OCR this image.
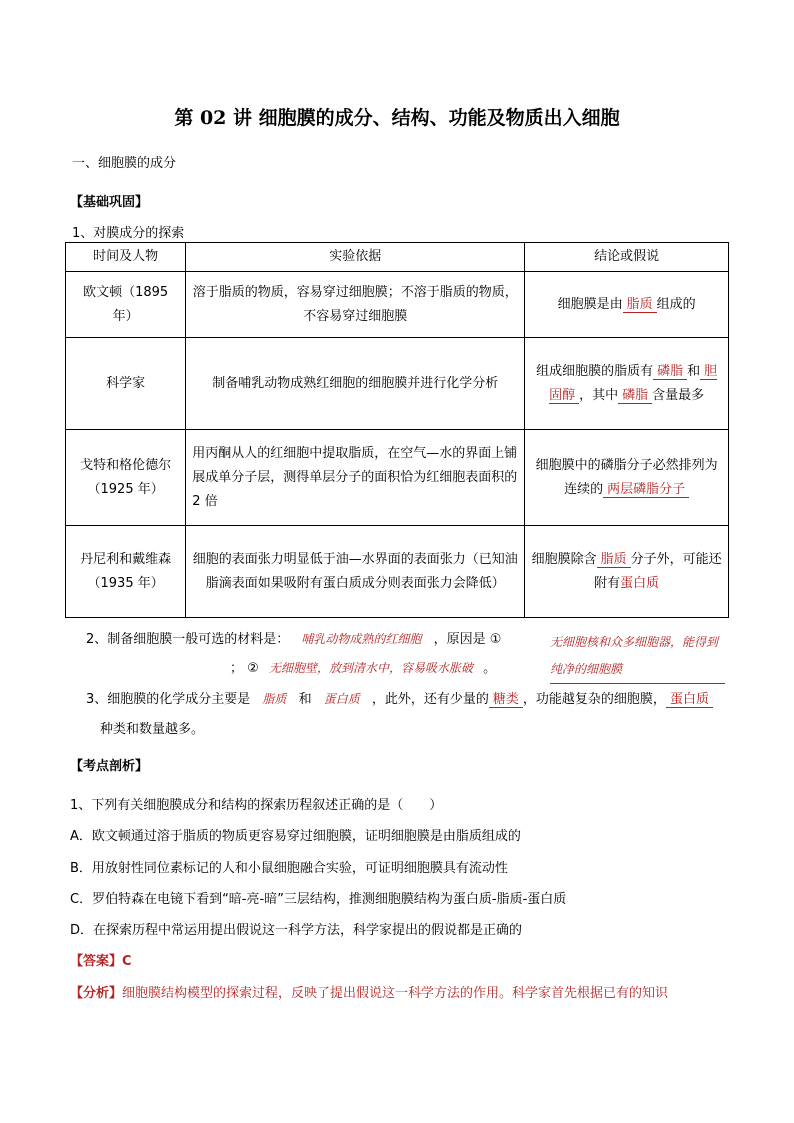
第 02 讲 细胞膜的成分、结构、功能及物质出入细胞
一、细胞膜的成分
【基础巩固】
1、对膜成分的探索
时间及人物	实验依据	结论或假说
欧文顿（1895 年）	溶于脂质的物质，容易穿过细胞膜；不溶于脂质的物质，不容易穿过细胞膜	细胞膜是由 脂质 组成的
科学家	制备哺乳动物成熟红细胞的细胞膜并进行化学分析	组成细胞膜的脂质有 磷脂 和 胆固醇 ，其中 磷脂 含量最多

戈特和格伦德尔
（1925 年）	用丙酮从人的红细胞中提取脂质，在空气—水的界面上铺展成单分子层，测得单层分子的面积恰为红细胞表面积的 2 倍	细胞膜中的磷脂分子必然排列为连续的 两层磷脂分子

丹尼利和戴维森
（1935 年）	细胞的表面张力明显低于油—水界面的表面张力（已知油脂滴表面如果吸附有蛋白质成分则表面张力会降低）	细胞膜除含 脂质 分子外，可能还附有蛋白质
2、制备细胞膜一般可选的材料是： 哺乳动物成熟的红细胞 ，原因是 ①	无细胞核和众多细胞器，能得到纯净的细胞膜
； ② 无细胞壁，放到清水中，容易吸水胀破 。
3、细胞膜的化学成分主要是 脂质 和 蛋白质 ，此外，还有少量的 糖类 ，功能越复杂的细胞膜， 蛋白质
种类和数量越多。
【考点剖析】
1、下列有关细胞膜成分和结构的探索历程叙述正确的是（　　）
A．欧文顿通过溶于脂质的物质更容易穿过细胞膜，证明细胞膜是由脂质组成的
B．用放射性同位素标记的人和小鼠细胞融合实验，可证明细胞膜具有流动性
C．罗伯特森在电镜下看到“暗-亮-暗”三层结构，推测细胞膜结构为蛋白质-脂质-蛋白质
D．在探索历程中常运用提出假说这一科学方法，科学家提出的假说都是正确的
【答案】C
【分析】细胞膜结构模型的探索过程，反映了提出假说这一科学方法的作用。科学家首先根据已有的知识
